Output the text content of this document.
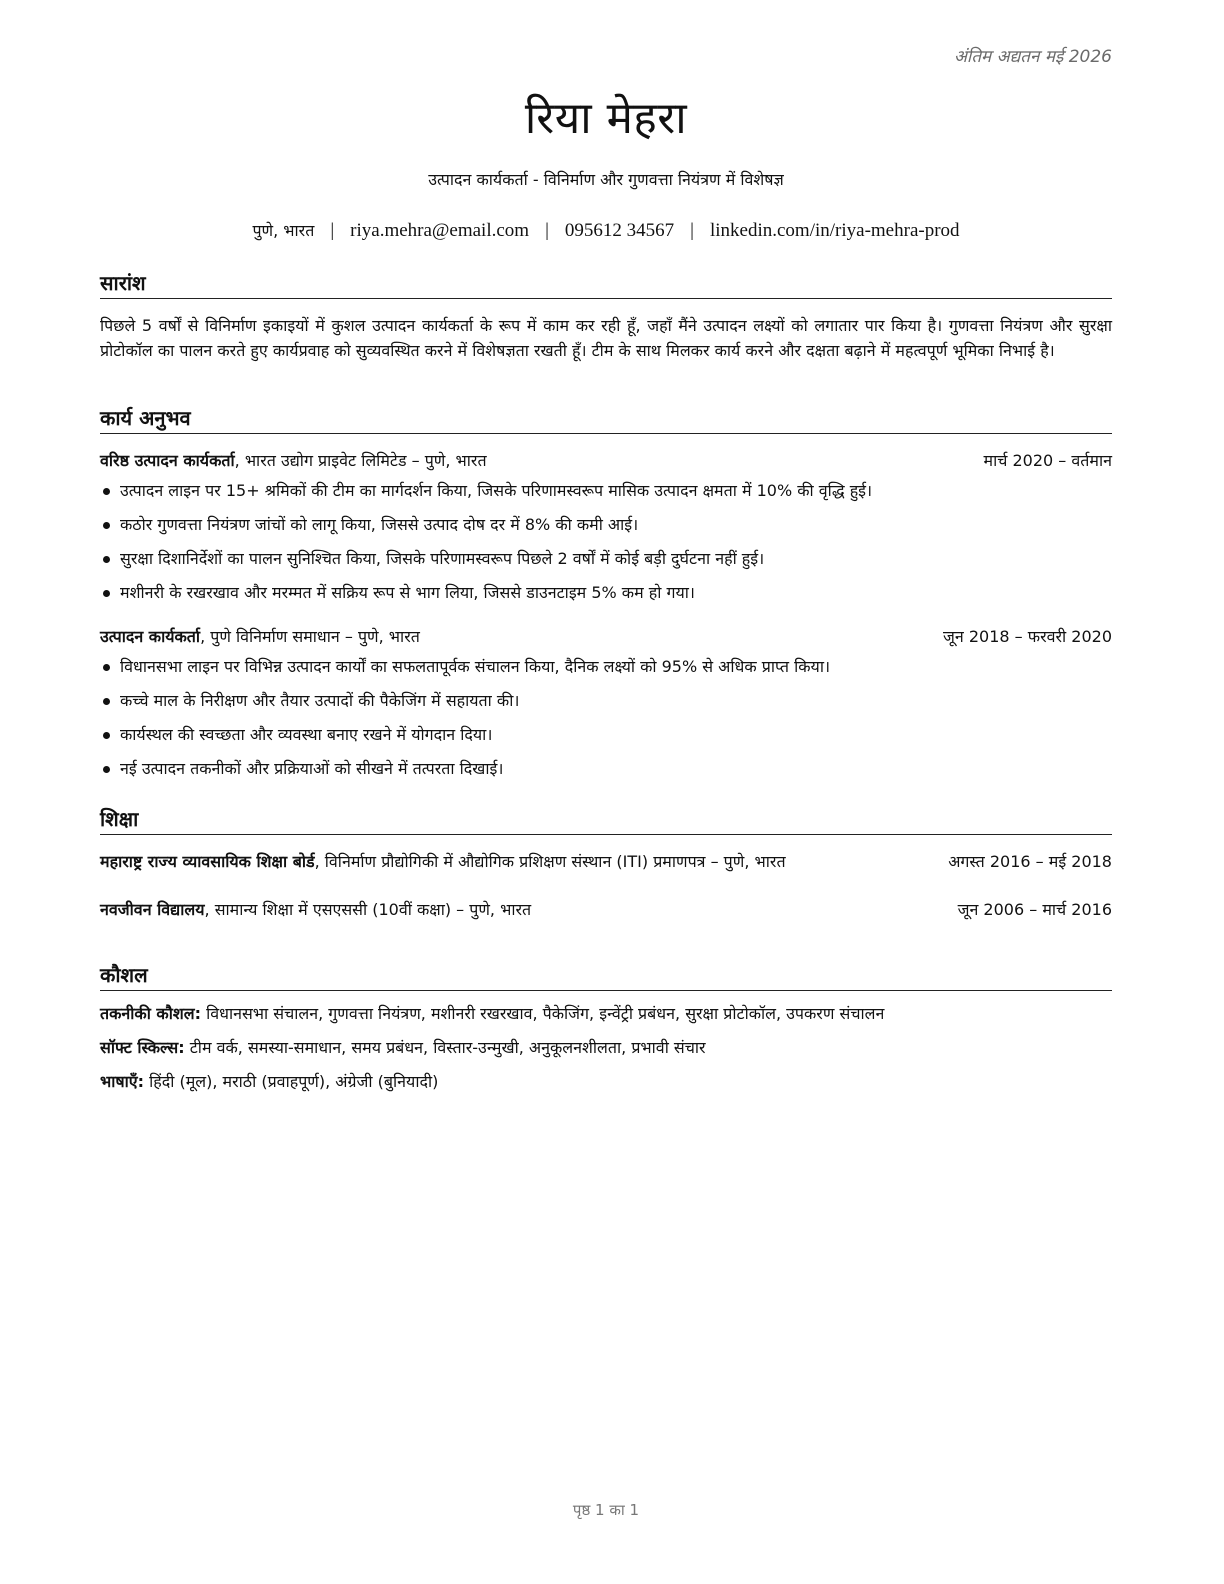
अंतिम अद्यतन मई 2026
रिया मेहरा
उत्पादन कार्यकर्ता - विनिर्माण और गुणवत्ता नियंत्रण में विशेषज्ञ
पुणे, भारत | riya.mehra@email.com | 095612 34567 | linkedin.com/in/riya-mehra-prod
सारांश
पिछले 5 वर्षों से विनिर्माण इकाइयों में कुशल उत्पादन कार्यकर्ता के रूप में काम कर रही हूँ, जहाँ मैंने उत्पादन लक्ष्यों को लगातार पार किया है। गुणवत्ता नियंत्रण और सुरक्षा प्रोटोकॉल का पालन करते हुए कार्यप्रवाह को सुव्यवस्थित करने में विशेषज्ञता रखती हूँ। टीम के साथ मिलकर कार्य करने और दक्षता बढ़ाने में महत्वपूर्ण भूमिका निभाई है।
कार्य अनुभव
वरिष्ठ उत्पादन कार्यकर्ता, भारत उद्योग प्राइवेट लिमिटेड – पुणे, भारत	मार्च 2020 – वर्तमान
उत्पादन लाइन पर 15+ श्रमिकों की टीम का मार्गदर्शन किया, जिसके परिणामस्वरूप मासिक उत्पादन क्षमता में 10% की वृद्धि हुई।
कठोर गुणवत्ता नियंत्रण जांचों को लागू किया, जिससे उत्पाद दोष दर में 8% की कमी आई।
सुरक्षा दिशानिर्देशों का पालन सुनिश्चित किया, जिसके परिणामस्वरूप पिछले 2 वर्षों में कोई बड़ी दुर्घटना नहीं हुई।
मशीनरी के रखरखाव और मरम्मत में सक्रिय रूप से भाग लिया, जिससे डाउनटाइम 5% कम हो गया।
उत्पादन कार्यकर्ता, पुणे विनिर्माण समाधान – पुणे, भारत	जून 2018 – फरवरी 2020
विधानसभा लाइन पर विभिन्न उत्पादन कार्यों का सफलतापूर्वक संचालन किया, दैनिक लक्ष्यों को 95% से अधिक प्राप्त किया।
कच्चे माल के निरीक्षण और तैयार उत्पादों की पैकेजिंग में सहायता की।
कार्यस्थल की स्वच्छता और व्यवस्था बनाए रखने में योगदान दिया।
नई उत्पादन तकनीकों और प्रक्रियाओं को सीखने में तत्परता दिखाई।
शिक्षा
महाराष्ट्र राज्य व्यावसायिक शिक्षा बोर्ड, विनिर्माण प्रौद्योगिकी में औद्योगिक प्रशिक्षण संस्थान (ITI) प्रमाणपत्र – पुणे, भारत	अगस्त 2016 – मई 2018
नवजीवन विद्यालय, सामान्य शिक्षा में एसएससी (10वीं कक्षा) – पुणे, भारत	जून 2006 – मार्च 2016
कौशल
तकनीकी कौशल: विधानसभा संचालन, गुणवत्ता नियंत्रण, मशीनरी रखरखाव, पैकेजिंग, इन्वेंट्री प्रबंधन, सुरक्षा प्रोटोकॉल, उपकरण संचालन
सॉफ्ट स्किल्स: टीम वर्क, समस्या-समाधान, समय प्रबंधन, विस्तार-उन्मुखी, अनुकूलनशीलता, प्रभावी संचार
भाषाएँ: हिंदी (मूल), मराठी (प्रवाहपूर्ण), अंग्रेजी (बुनियादी)
पृष्ठ 1 का 1
